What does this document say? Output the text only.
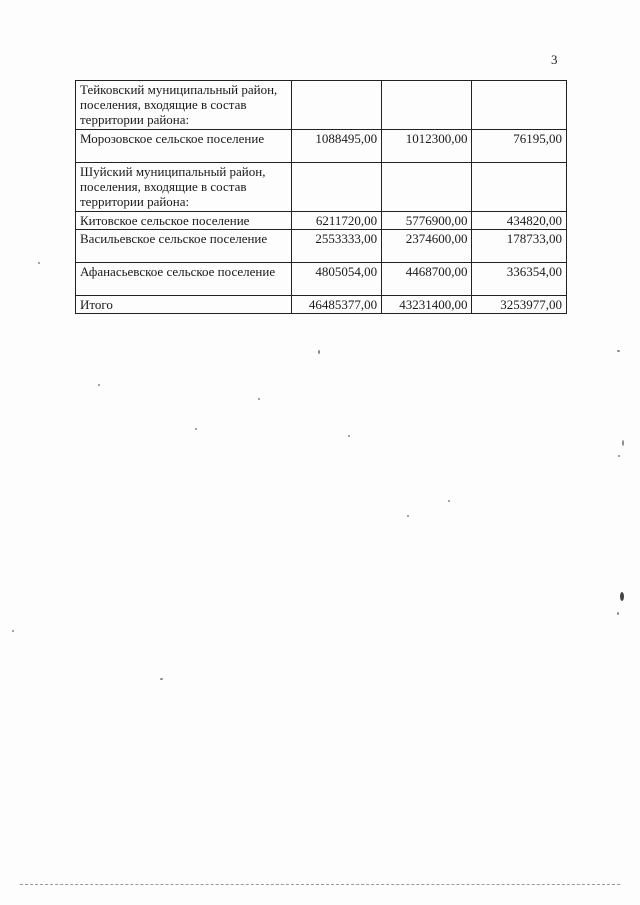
3
Тейковский муниципальный район, поселения, входящие в состав территории района:			
Морозовское сельское поселение	1088495,00	1012300,00	76195,00
Шуйский муниципальный район, поселения, входящие в состав территории района:			
Китовское сельское поселение	6211720,00	5776900,00	434820,00
Васильевское сельское поселение	2553333,00	2374600,00	178733,00
Афанасьевское сельское поселение	4805054,00	4468700,00	336354,00
Итого	46485377,00	43231400,00	3253977,00
